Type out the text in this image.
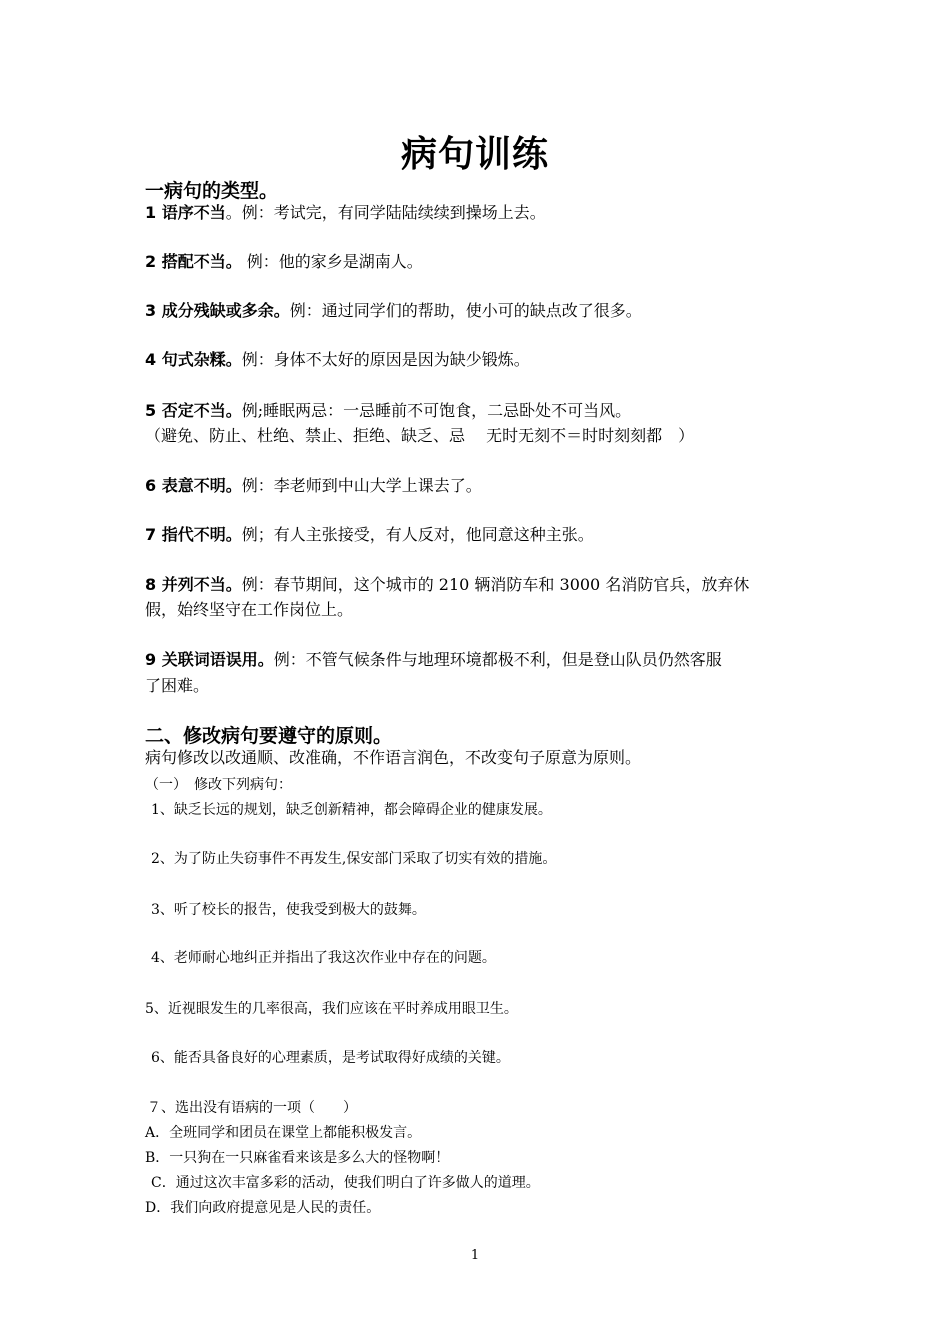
病句训练
一病句的类型。
1 语序不当。例：考试完，有同学陆陆续续到操场上去。
2 搭配不当。 例：他的家乡是湖南人。
3 成分残缺或多余。例：通过同学们的帮助，使小可的缺点改了很多。
4 句式杂糅。例：身体不太好的原因是因为缺少锻炼。
5 否定不当。例;睡眠两忌：一忌睡前不可饱食，二忌卧处不可当风。
（避免、防止、杜绝、禁止、拒绝、缺乏、忌　 无时无刻不＝时时刻刻都　）
6 表意不明。例：李老师到中山大学上课去了。
7 指代不明。例；有人主张接受，有人反对，他同意这种主张。
8 并列不当。例：春节期间，这个城市的 210 辆消防车和 3000 名消防官兵，放弃休
假，始终坚守在工作岗位上。
9 关联词语误用。例：不管气候条件与地理环境都极不利，但是登山队员仍然客服
了困难。
二、修改病句要遵守的原则。
病句修改以改通顺、改准确，不作语言润色，不改变句子原意为原则。
（一）　修改下列病句：
1、缺乏长远的规划，缺乏创新精神，都会障碍企业的健康发展。
2、为了防止失窃事件不再发生,保安部门采取了切实有效的措施。
3、听了校长的报告，使我受到极大的鼓舞。
4、老师耐心地纠正并指出了我这次作业中存在的问题。
5、近视眼发生的几率很高，我们应该在平时养成用眼卫生。
6、能否具备良好的心理素质，是考试取得好成绩的关键。
７、选出没有语病的一项（　　）
A．全班同学和团员在课堂上都能积极发言。
B．一只狗在一只麻雀看来该是多么大的怪物啊！
C．通过这次丰富多彩的活动，使我们明白了许多做人的道理。
D．我们向政府提意见是人民的责任。
1
